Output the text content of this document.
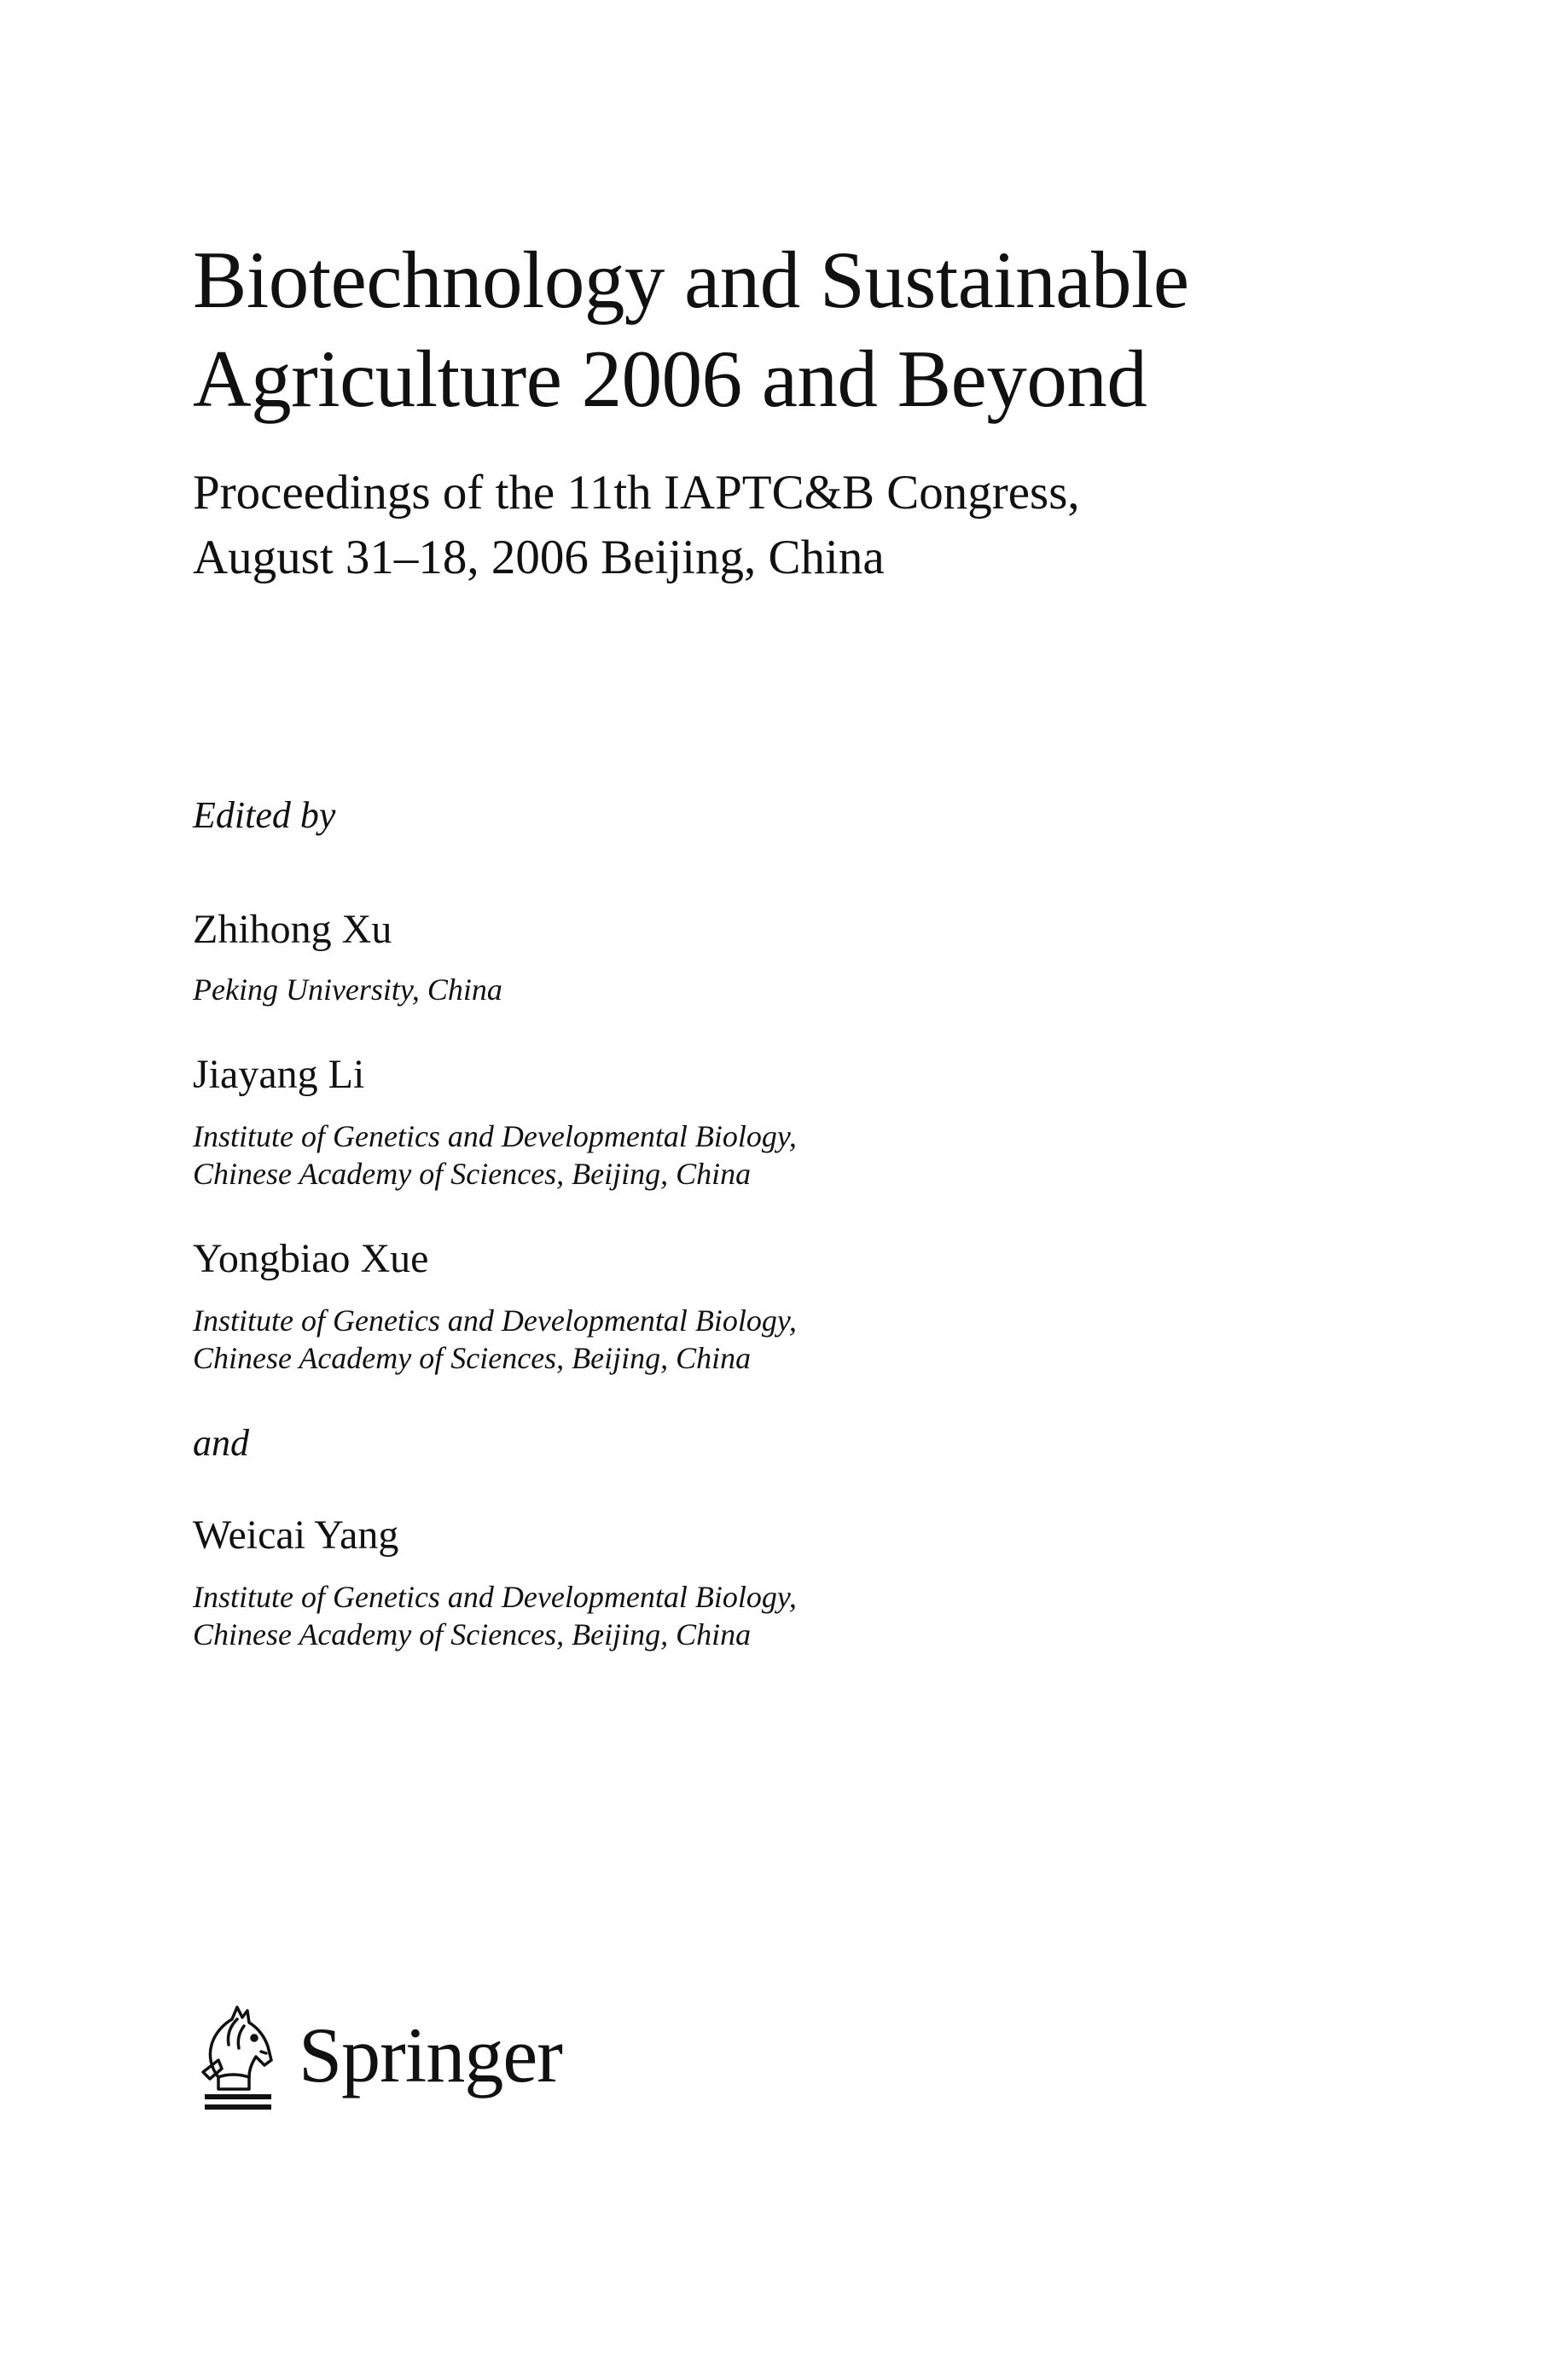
Biotechnology and Sustainable
Agriculture 2006 and Beyond
Proceedings of the 11th IAPTC&B Congress,
August 31–18, 2006 Beijing, China
Edited by
Zhihong Xu
Peking University, China
Jiayang Li
Institute of Genetics and Developmental Biology,
Chinese Academy of Sciences, Beijing, China
Yongbiao Xue
Institute of Genetics and Developmental Biology,
Chinese Academy of Sciences, Beijing, China

and

Weicai Yang
Institute of Genetics and Developmental Biology,
Chinese Academy of Sciences, Beijing, China
Springer
